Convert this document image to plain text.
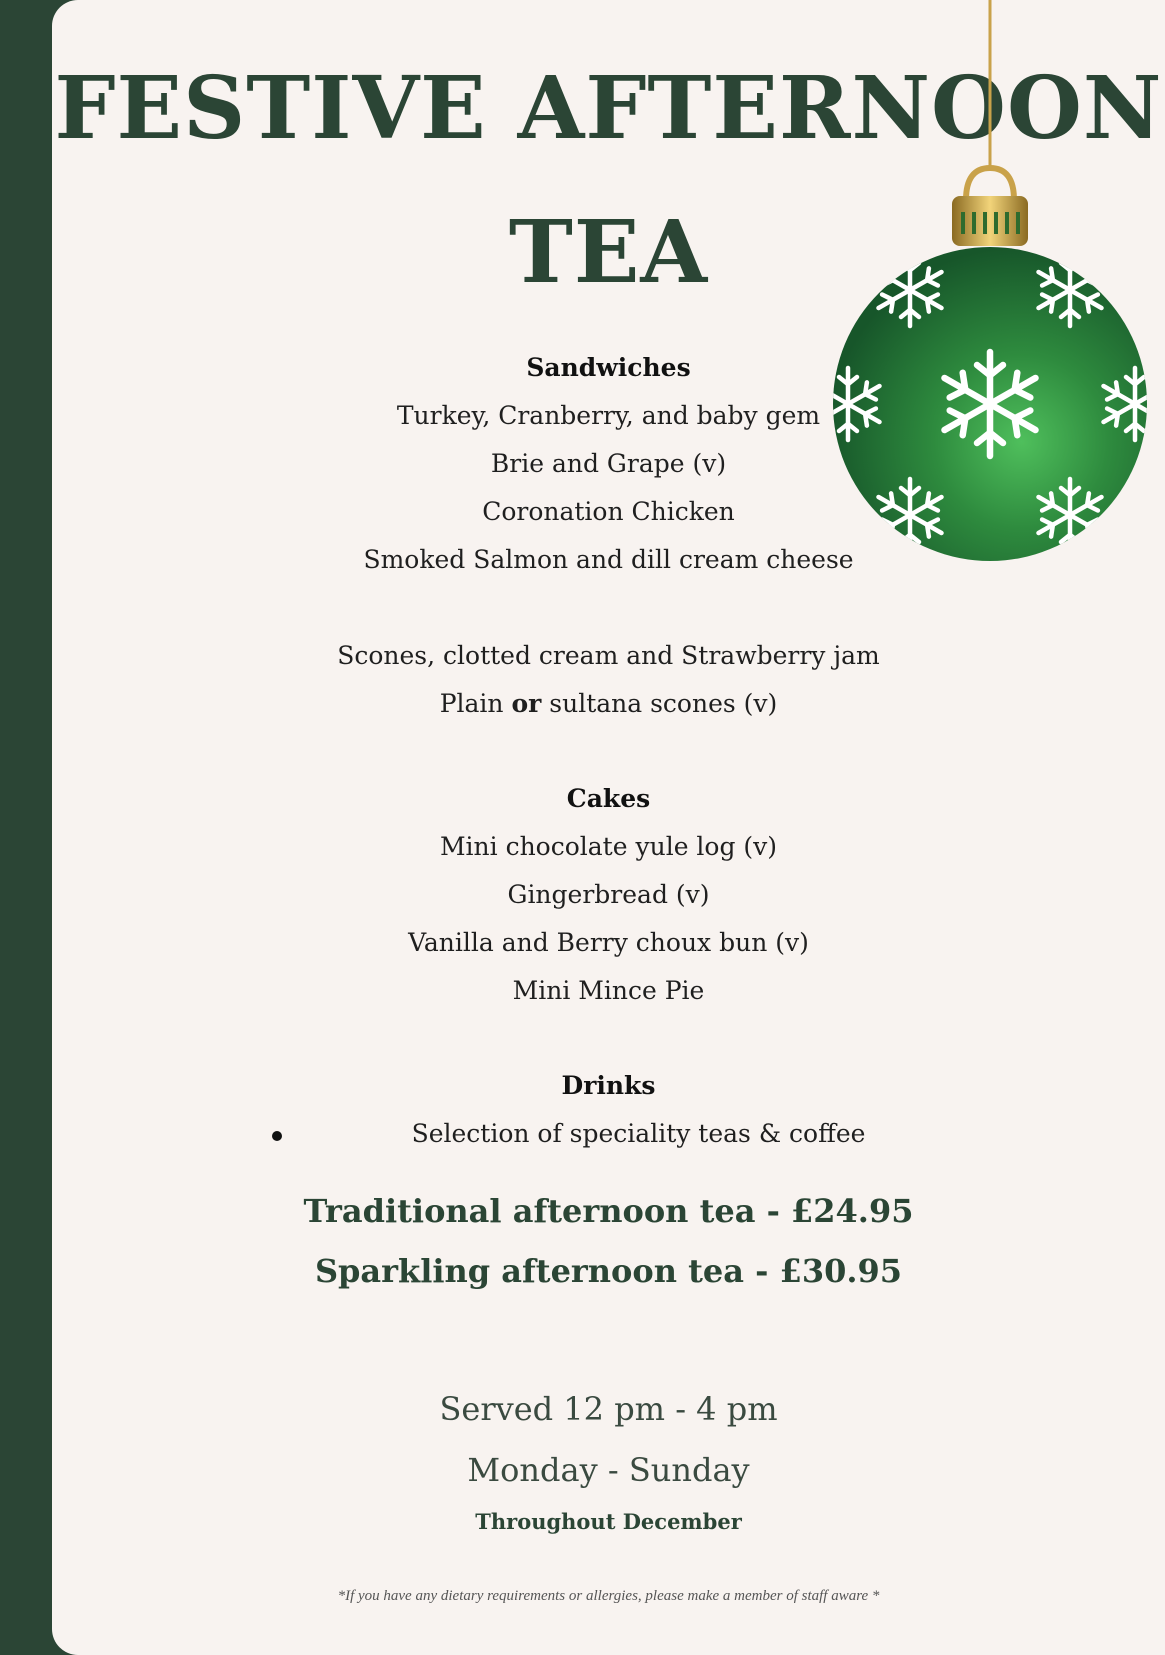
FESTIVE AFTERNOON
TEA

Sandwiches

Turkey, Cranberry, and baby gem

Brie and Grape (v)

Coronation Chicken

Smoked Salmon and dill cream cheese

Scones, clotted cream and Strawberry jam

Plain or sultana scones (v)

Cakes

Mini chocolate yule log (v)

Gingerbread (v)

Vanilla and Berry choux bun (v)

Mini Mince Pie

Drinks

Selection of speciality teas & coffee

Traditional afternoon tea - £24.95

Sparkling afternoon tea - £30.95

Served 12 pm - 4 pm

Monday - Sunday

Throughout December

*If you have any dietary requirements or allergies, please make a member of staff aware *
